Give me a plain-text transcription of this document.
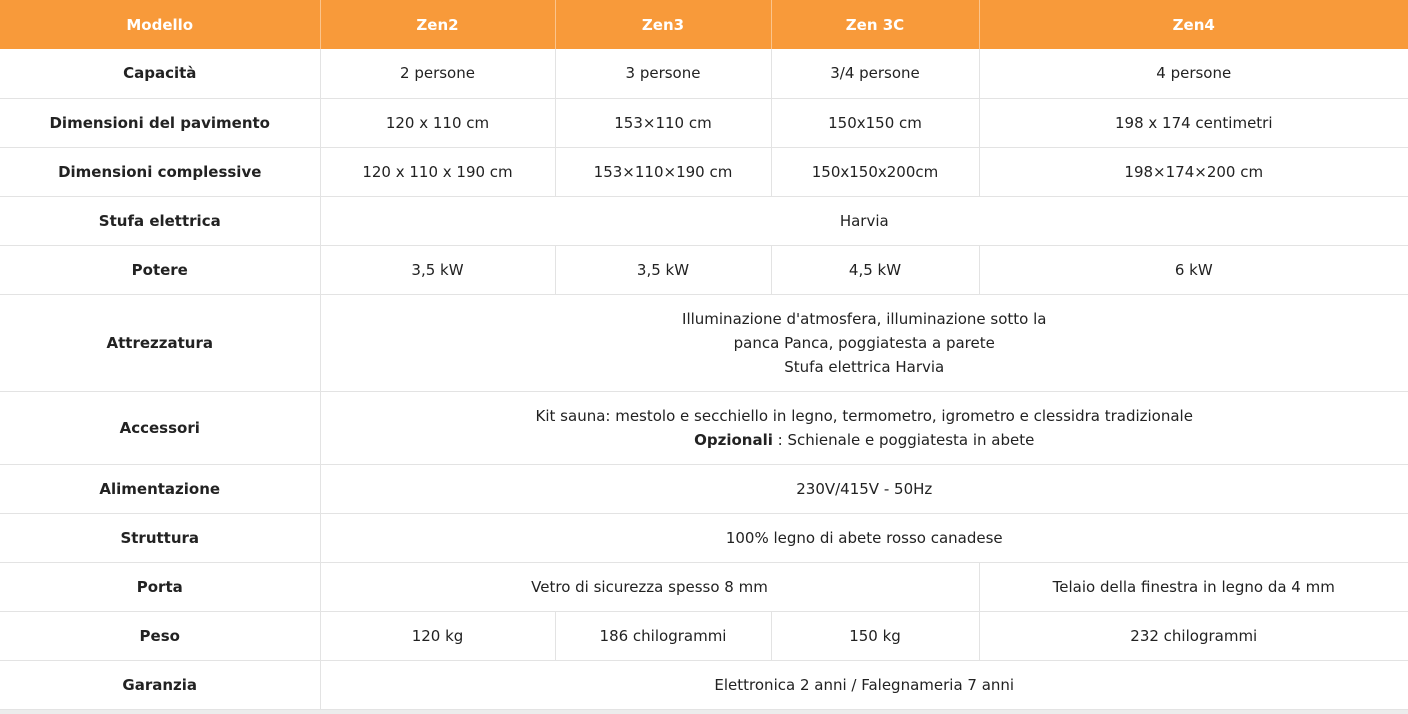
Modello	Zen2	Zen3	Zen 3C	Zen4
Capacità	2 persone	3 persone	3/4 persone	4 persone
Dimensioni del pavimento	120 x 110 cm	153×110 cm	150x150 cm	198 x 174 centimetri
Dimensioni complessive	120 x 110 x 190 cm	153×110×190 cm	150x150x200cm	198×174×200 cm
Stufa elettrica	Harvia			
Potere	3,5 kW	3,5 kW	4,5 kW	6 kW
Attrezzatura	Illuminazione d'atmosfera, illuminazione sotto la
panca Panca, poggiatesta a parete
Stufa elettrica Harvia			

Accessori	Kit sauna: mestolo e secchiello in legno, termometro, igrometro e clessidra tradizionale
Opzionali : Schienale e poggiatesta in abete			

Alimentazione	230V/415V - 50Hz			
Struttura	100% legno di abete rosso canadese			
Porta	Vetro di sicurezza spesso 8 mm			Telaio della finestra in legno da 4 mm
Peso	120 kg	186 chilogrammi	150 kg	232 chilogrammi
Garanzia	Elettronica 2 anni / Falegnameria 7 anni			
